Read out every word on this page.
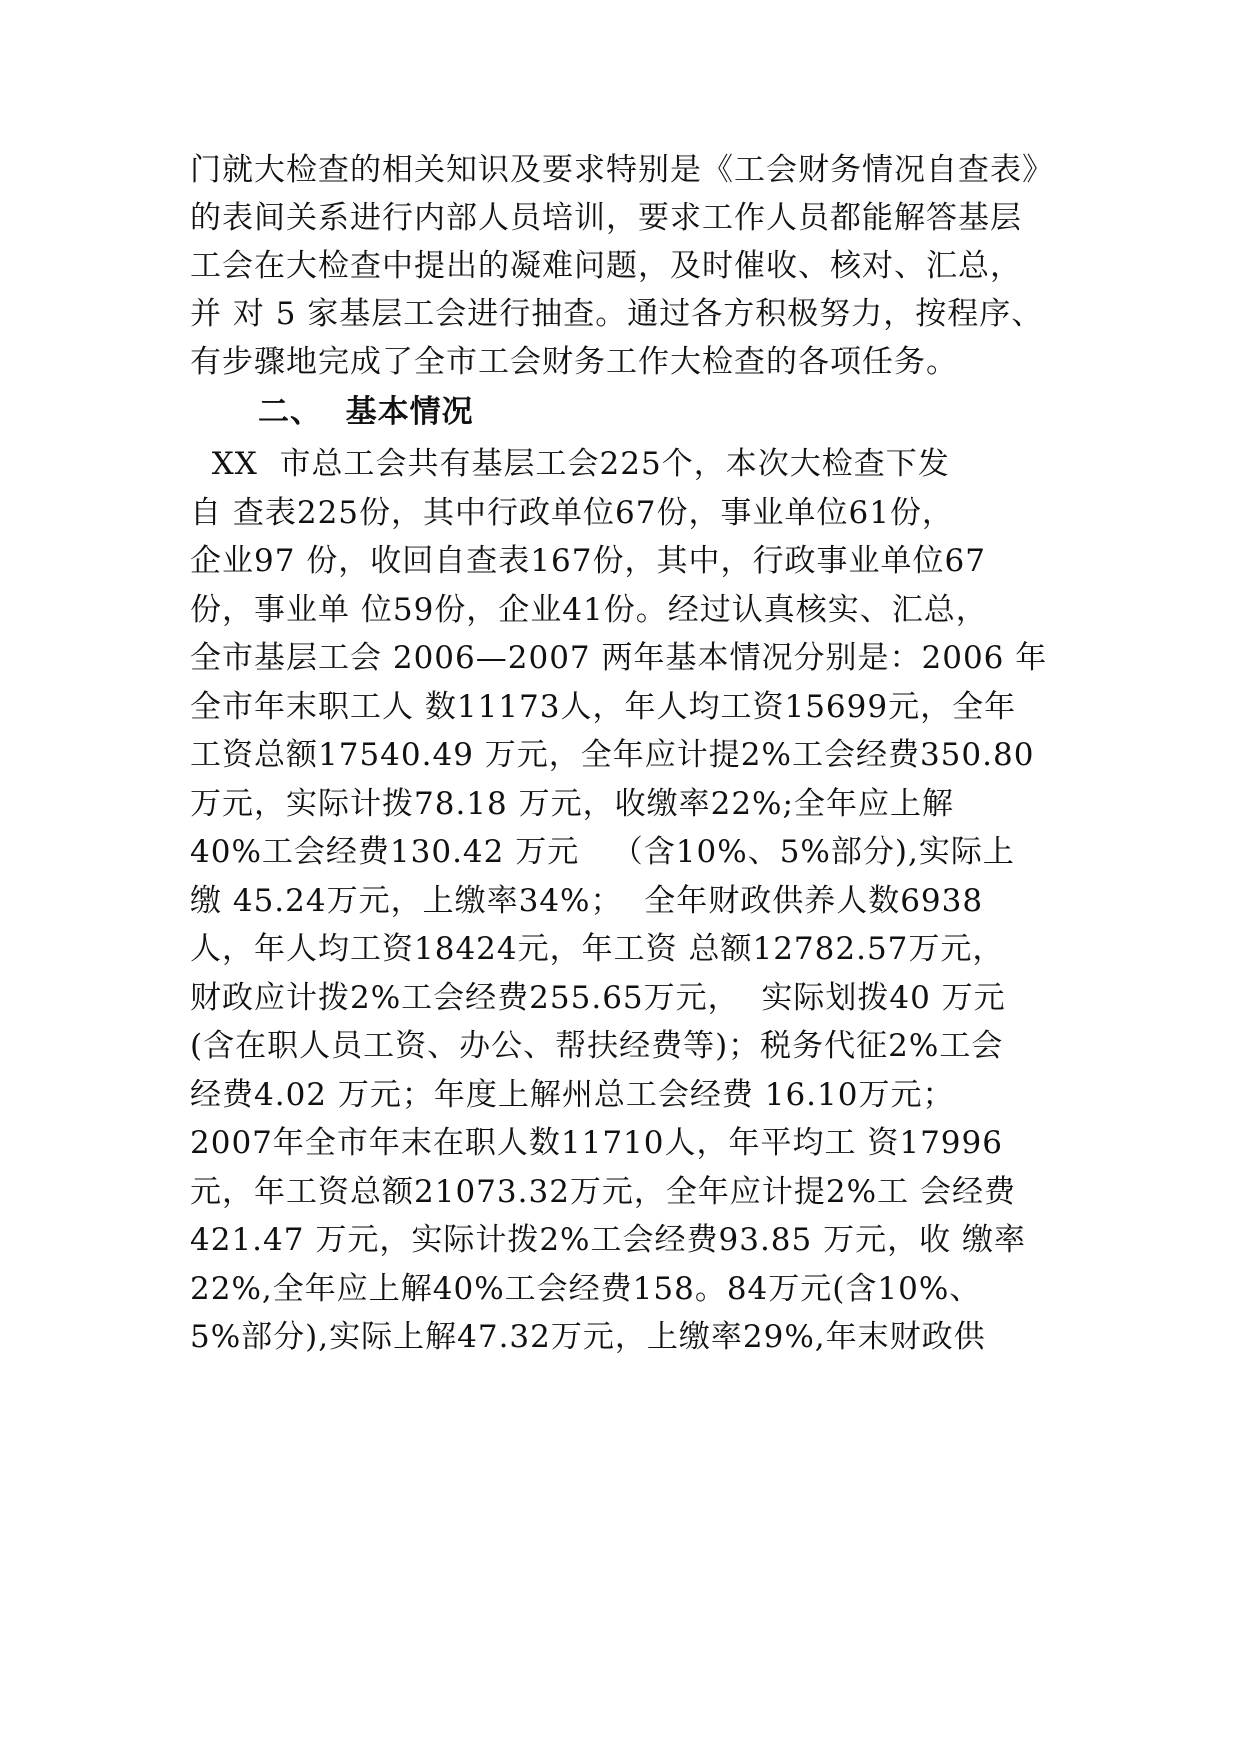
门就大检查的相关知识及要求特别是《工会财务情况自查表》
的表间关系进行内部人员培训，要求工作人员都能解答基层
工会在大检查中提出的凝难问题，及时催收、核对、汇总，
并 对 5 家基层工会进行抽查。通过各方积极努力，按程序、
有步骤地完成了全市工会财务工作大检查的各项任务。
二、  基本情况
XX  市总工会共有基层工会225个，本次大检查下发
自 查表225份，其中行政单位67份，事业单位61份，
企业97 份，收回自查表167份，其中，行政事业单位67
份，事业单 位59份，企业41份。经过认真核实、汇总，
全市基层工会 2006—2007 两年基本情况分别是：2006 年
全市年末职工人 数11173人，年人均工资15699元，全年
工资总额17540.49 万元，全年应计提2%工会经费350.80
万元，实际计拨78.18 万元，收缴率22%;全年应上解
40%工会经费130.42 万元   （含10%、5%部分),实际上
缴 45.24万元，上缴率34%；  全年财政供养人数6938
人，年人均工资18424元，年工资 总额12782.57万元，
财政应计拨2%工会经费255.65万元，  实际划拨40 万元
(含在职人员工资、办公、帮扶经费等)；税务代征2%工会
经费4.02 万元；年度上解州总工会经费 16.10万元；
2007年全市年末在职人数11710人，年平均工 资17996
元，年工资总额21073.32万元，全年应计提2%工 会经费
421.47 万元，实际计拨2%工会经费93.85 万元，收 缴率
22%,全年应上解40%工会经费158。84万元(含10%、
5%部分),实际上解47.32万元，上缴率29%,年末财政供
